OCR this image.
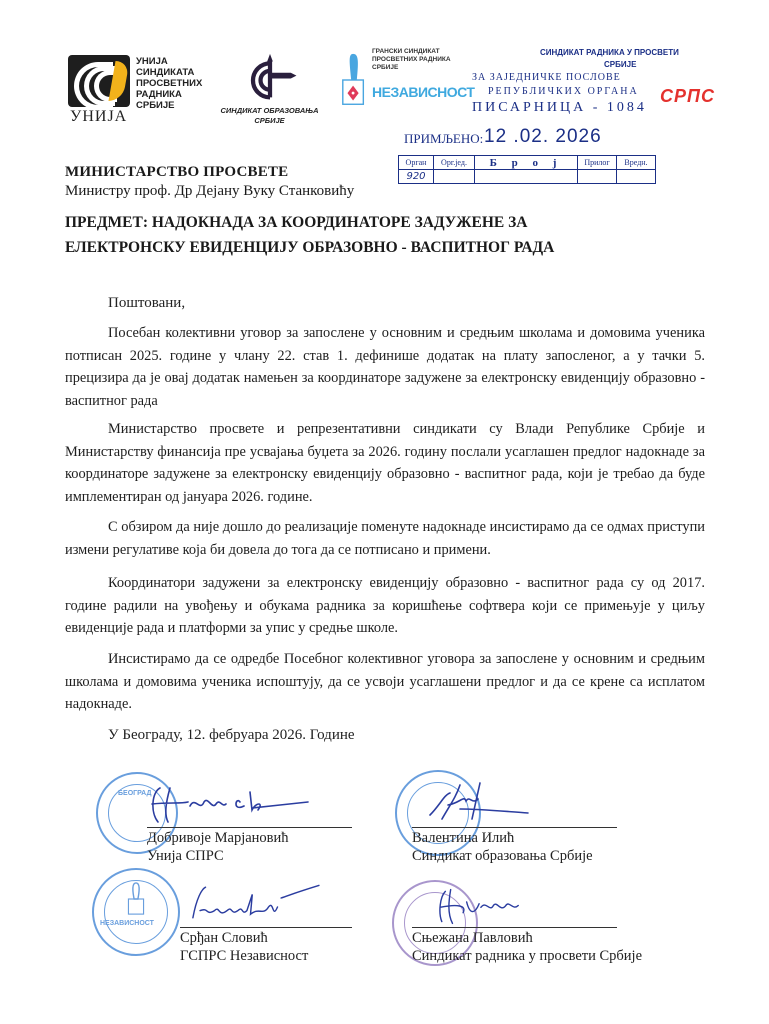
УНИЈА
УНИЈА
СИНДИКАТА
ПРОСВЕТНИХ
РАДНИКА
СРБИЈЕ	СИНДИКАТ ОБРАЗОВАЊА
СРБИЈЕ
ГРАНСКИ СИНДИКАТ
ПРОСВЕТНИХ РАДНИКА СРБИЈЕ
НЕЗАВИСНОСТ
СИНДИКАТ РАДНИКА У ПРОСВЕТИ
СРБИЈЕ
ЗА ЗАЈЕДНИЧКЕ ПОСЛОВЕ
РЕПУБЛИЧКИХ ОРГАНА
ПИСАРНИЦА - 1084
СРПС
ПРИМЉЕНО: 12 .02. 2026
Орган	Орг.јед.	Б р о ј	Прилог	Вредн.
920				
МИНИСТАРСТВО ПРОСВЕТЕ
Министру проф. Др Дејану Вуку Станковићу
ПРЕДМЕТ: НАДОКНАДА ЗА КООРДИНАТОРЕ ЗАДУЖЕНЕ ЗА
ЕЛЕКТРОНСКУ ЕВИДЕНЦИЈУ ОБРАЗОВНО - ВАСПИТНОГ РАДА
Поштовани,

Посебан колективни уговор за запослене у основним и средњим школама и домовима ученика потписан 2025. године у члану 22. став 1. дефинише додатак на плату запосленог, а у тачки 5. прецизира да је овај додатак намењен за координаторе задужене за електронску евиденцију образовно - васпитног рада

Министарство просвете и репрезентативни синдикати су Влади Републике Србије и Министарству финансија пре усвајања буџета за 2026. годину послали усаглашен предлог надокнаде за координаторе задужене за електронску евиденцију образовно - васпитног рада, који је требао да буде имплементиран од јануара 2026. године.

С обзиром да није дошло до реализације поменуте надокнаде инсистирамо да се одмах приступи измени регулативе која би довела до тога да се потписано и примени.

Координатори задужени за електронску евиденцију образовно - васпитног рада су од 2017. године радили на увођењу и обукама радника за коришћење софтвера који се примењује у циљу евиденције рада и платформи за упис у средње школе.

Инсистирамо да се одредбе Посебног колективног уговора за запослене у основним и средњим школама и домовима ученика испоштују, да се усвоји усаглашени предлог и да се крене са исплатом надокнаде.

У Београду, 12. фебруара 2026. Године
БЕОГРАД
Добривоје Марјановић
Унија СПРС
Валентина Илић
Синдикат образовања Србије
НЕЗАВИСНОСТ
Срђан Словић
ГСПРС Независност
Сњежана Павловић
Синдикат радника у просвети Србије
